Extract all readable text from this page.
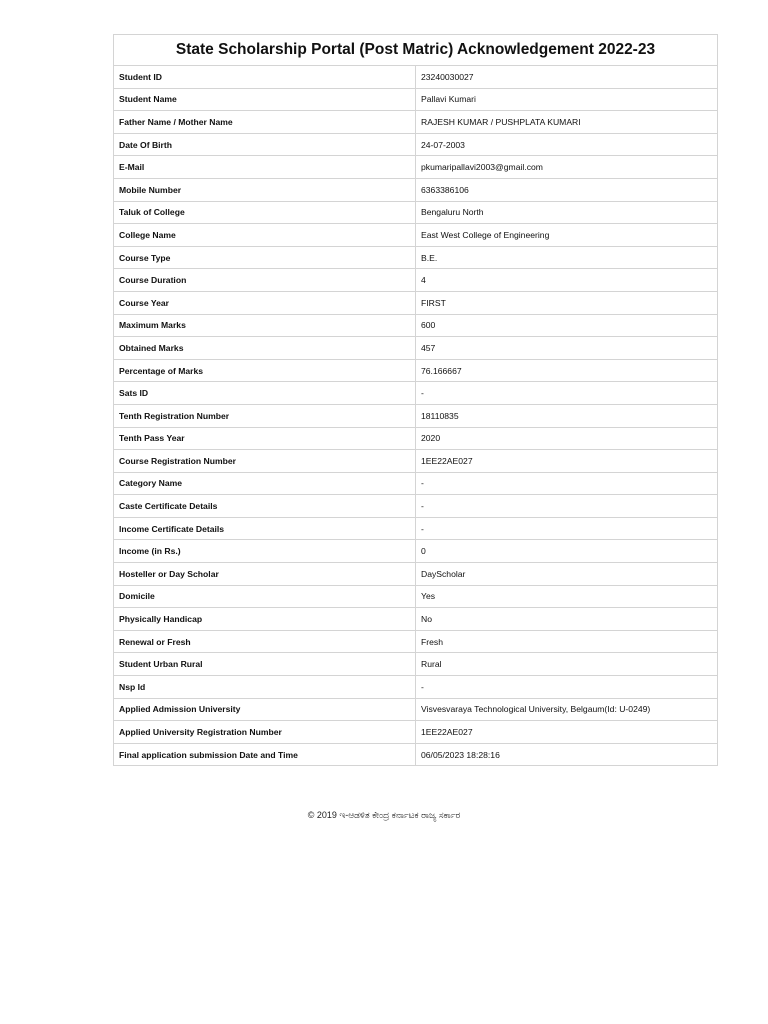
State Scholarship Portal (Post Matric) Acknowledgement 2022-23	
Student ID	23240030027
Student Name	Pallavi Kumari
Father Name / Mother Name	RAJESH KUMAR / PUSHPLATA KUMARI
Date Of Birth	24-07-2003
E-Mail	pkumaripallavi2003@gmail.com
Mobile Number	6363386106
Taluk of College	Bengaluru North
College Name	East West College of Engineering
Course Type	B.E.
Course Duration	4
Course Year	FIRST
Maximum Marks	600
Obtained Marks	457
Percentage of Marks	76.166667
Sats ID	-
Tenth Registration Number	18110835
Tenth Pass Year	2020
Course Registration Number	1EE22AE027
Category Name	-
Caste Certificate Details	-
Income Certificate Details	-
Income (in Rs.)	0
Hosteller or Day Scholar	DayScholar
Domicile	Yes
Physically Handicap	No
Renewal or Fresh	Fresh
Student Urban Rural	Rural
Nsp Id	-
Applied Admission University	Visvesvaraya Technological University, Belgaum(Id: U-0249)
Applied University Registration Number	1EE22AE027
Final application submission Date and Time	06/05/2023 18:28:16
© 2019 ಇ-ಆಡಳಿತ ಕೇಂದ್ರ ಕರ್ನಾಟಕ ರಾಜ್ಯ ಸರ್ಕಾರ
